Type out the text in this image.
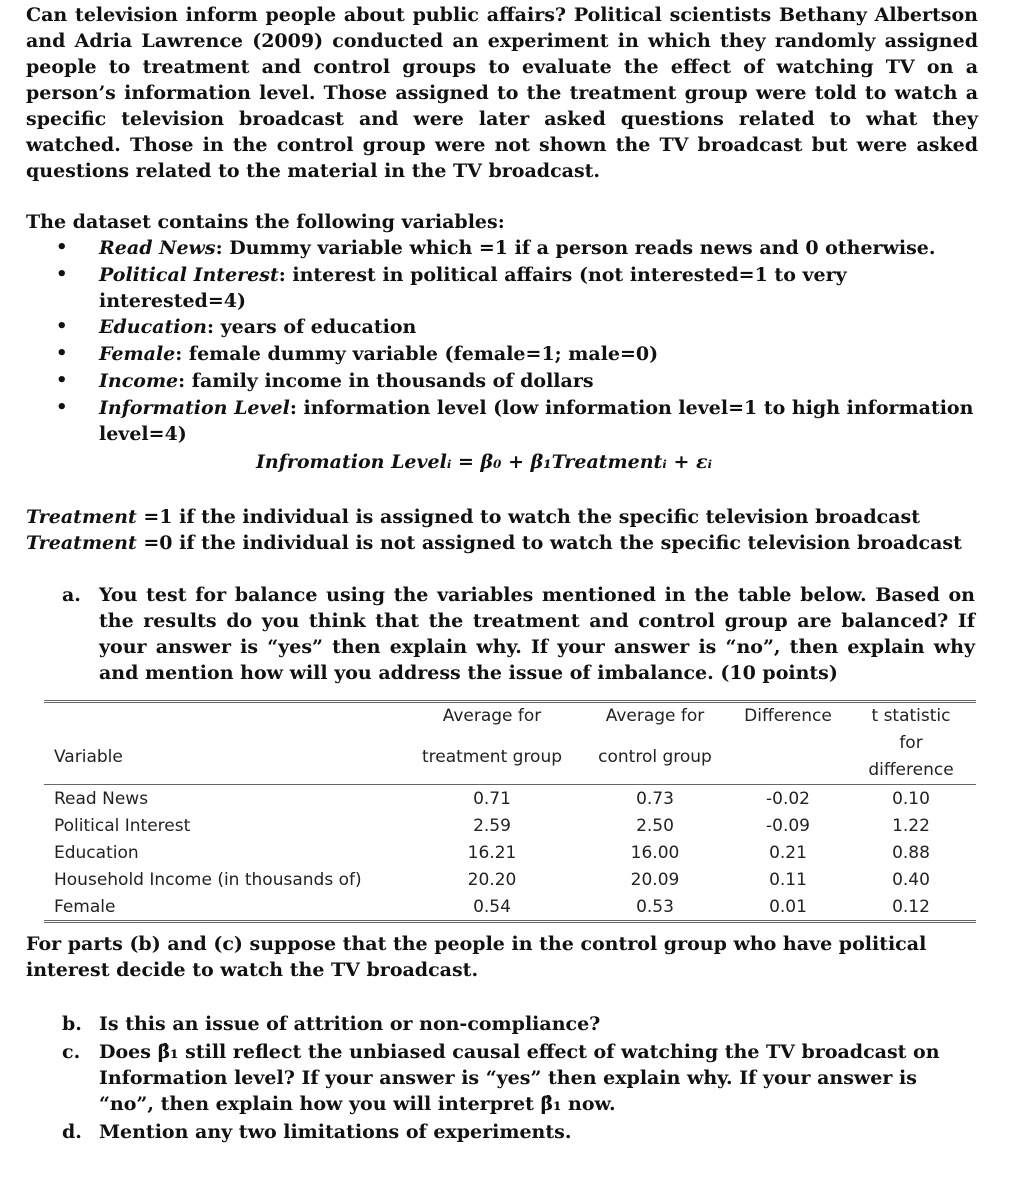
Can television inform people about public affairs? Political scientists Bethany Albertson and Adria Lawrence (2009) conducted an experiment in which they randomly assigned people to treatment and control groups to evaluate the effect of watching TV on a person’s information level. Those assigned to the treatment group were told to watch a specific television broadcast and were later asked questions related to what they watched. Those in the control group were not shown the TV broadcast but were asked questions related to the material in the TV broadcast.
The dataset contains the following variables:
• Read News: Dummy variable which =1 if a person reads news and 0 otherwise.
• Political Interest: interest in political affairs (not interested=1 to very interested=4)
• Education: years of education
• Female: female dummy variable (female=1; male=0)
• Income: family income in thousands of dollars
• Information Level: information level (low information level=1 to high information level=4)
Infromation Levelᵢ = β₀ + β₁Treatmentᵢ + εᵢ
Treatment =1 if the individual is assigned to watch the specific television broadcast
Treatment =0 if the individual is not assigned to watch the specific television broadcast
a. You test for balance using the variables mentioned in the table below. Based on the results do you think that the treatment and control group are balanced? If your answer is “yes” then explain why. If your answer is “no”, then explain why and mention how will you address the issue of imbalance. (10 points)
For parts (b) and (c) suppose that the people in the control group who have political interest decide to watch the TV broadcast.
b. Is this an issue of attrition or non-compliance?
c. Does β̂₁ still reflect the unbiased causal effect of watching the TV broadcast on Information level? If your answer is “yes” then explain why. If your answer is “no”, then explain how you will interpret β̂₁ now.
d. Mention any two limitations of experiments.
	Average for	Average for	Difference	t statistic
Variable	treatment group	control group		for difference
Read News	0.71	0.73	-0.02	0.10
Political Interest	2.59	2.50	-0.09	1.22
Education	16.21	16.00	0.21	0.88
Household Income (in thousands of)	20.20	20.09	0.11	0.40
Female	0.54	0.53	0.01	0.12
